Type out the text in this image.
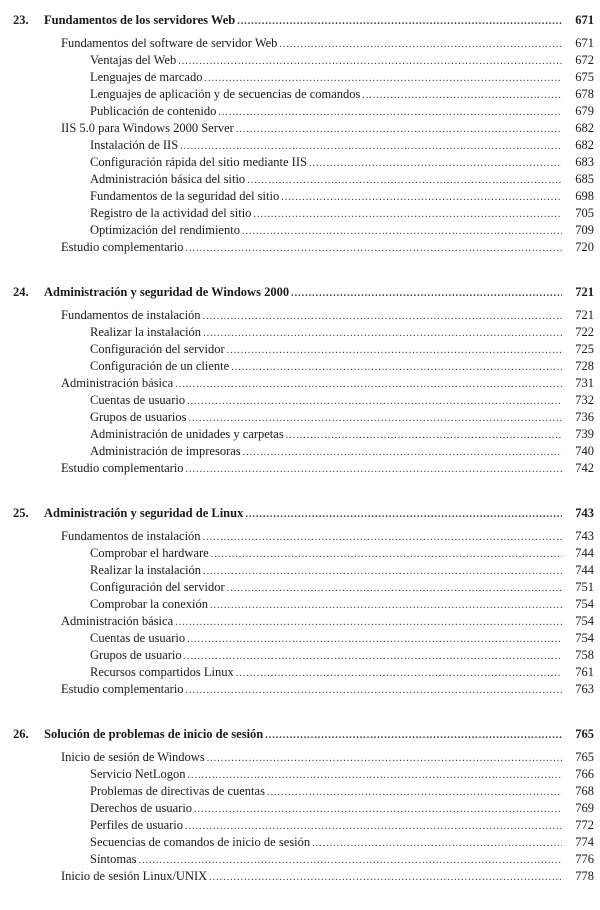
23. Fundamentos de los servidores Web .....	671
Fundamentos del software de servidor Web .....	671
Ventajas del Web .....	672
Lenguajes de marcado .....	675
Lenguajes de aplicación y de secuencias de comandos .....	678
Publicación de contenido .....	679
IIS 5.0 para Windows 2000 Server .....	682
Instalación de IIS .....	682
Configuración rápida del sitio mediante IIS .....	683
Administración básica del sitio .....	685
Fundamentos de la seguridad del sitio .....	698
Registro de la actividad del sitio .....	705
Optimización del rendimiento .....	709
Estudio complementario .....	720
24. Administración y seguridad de Windows 2000 .....	721
Fundamentos de instalación .....	721
Realizar la instalación .....	722
Configuración del servidor .....	725
Configuración de un cliente .....	728
Administración básica .....	731
Cuentas de usuario .....	732
Grupos de usuarios .....	736
Administración de unidades y carpetas .....	739
Administración de impresoras .....	740
Estudio complementario .....	742
25. Administración y seguridad de Linux .....	743
Fundamentos de instalación .....	743
Comprobar el hardware .....	744
Realizar la instalación .....	744
Configuración del servidor .....	751
Comprobar la conexión .....	754
Administración básica .....	754
Cuentas de usuario .....	754
Grupos de usuario .....	758
Recursos compartidos Linux .....	761
Estudio complementario .....	763
26. Solución de problemas de inicio de sesión .....	765
Inicio de sesión de Windows .....	765
Servicio NetLogon .....	766
Problemas de directivas de cuentas .....	768
Derechos de usuario .....	769
Perfiles de usuario .....	772
Secuencias de comandos de inicio de sesión .....	774
Síntomas .....	776
Inicio de sesión Linux/UNIX .....	778
